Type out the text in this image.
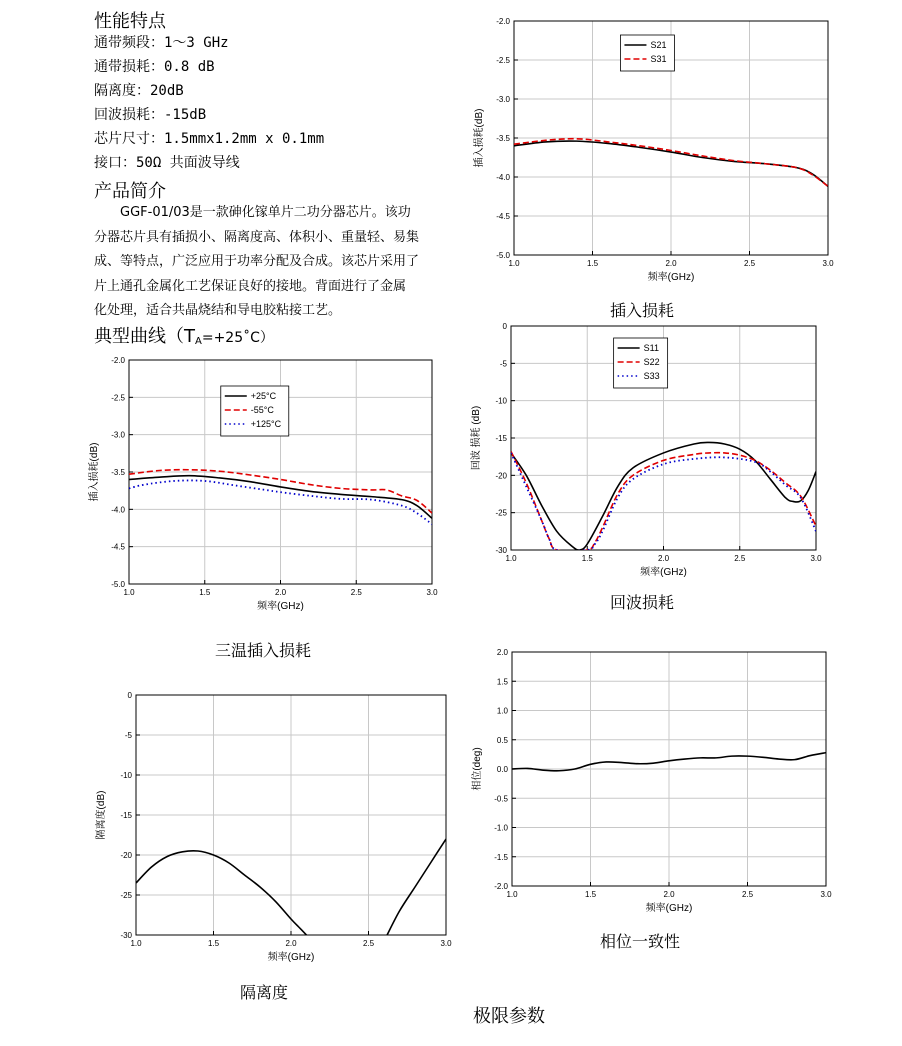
性能特点
通带频段：1～3 GHz
通带损耗：0.8 dB
隔离度：20dB
回波损耗：-15dB
芯片尺寸：1.5mmx1.2mm x 0.1mm
接口：50Ω 共面波导线
产品简介
GGF-01/03是一款砷化镓单片二功分器芯片。该功
分器芯片具有插损小、隔离度高、体积小、重量轻、易集
成、等特点，广泛应用于功率分配及合成。该芯片采用了
片上通孔金属化工艺保证良好的接地。背面进行了金属
化处理，适合共晶烧结和导电胶粘接工艺。
典型曲线（TA=+25˚C）
1.0	1.5	2.0	2.5	3.0
-2.0
-2.5
-3.0
-3.5
-4.0
-4.5
-5.0
频率(GHz)
插入损耗(dB)
S21
S31
插入损耗
1.0	1.5	2.0	2.5	3.0
0
-5
-10
-15
-20
-25
-30
频率(GHz)
回波 损耗 (dB)
S11
S22
S33
回波损耗
1.0	1.5	2.0	2.5	3.0
-2.0
-2.5
-3.0
-3.5
-4.0
-4.5
-5.0
频率(GHz)
插入损耗(dB)
+25°C
-55°C
+125°C
三温插入损耗
1.0	1.5	2.0	2.5	3.0
0
-5
-10
-15
-20
-25
-30
频率(GHz)
隔离度(dB)
隔离度
1.0	1.5	2.0	2.5	3.0
2.0
1.5
1.0
0.5
0.0
-0.5
-1.0
-1.5
-2.0
频率(GHz)
相位(deg)
相位一致性
极限参数
